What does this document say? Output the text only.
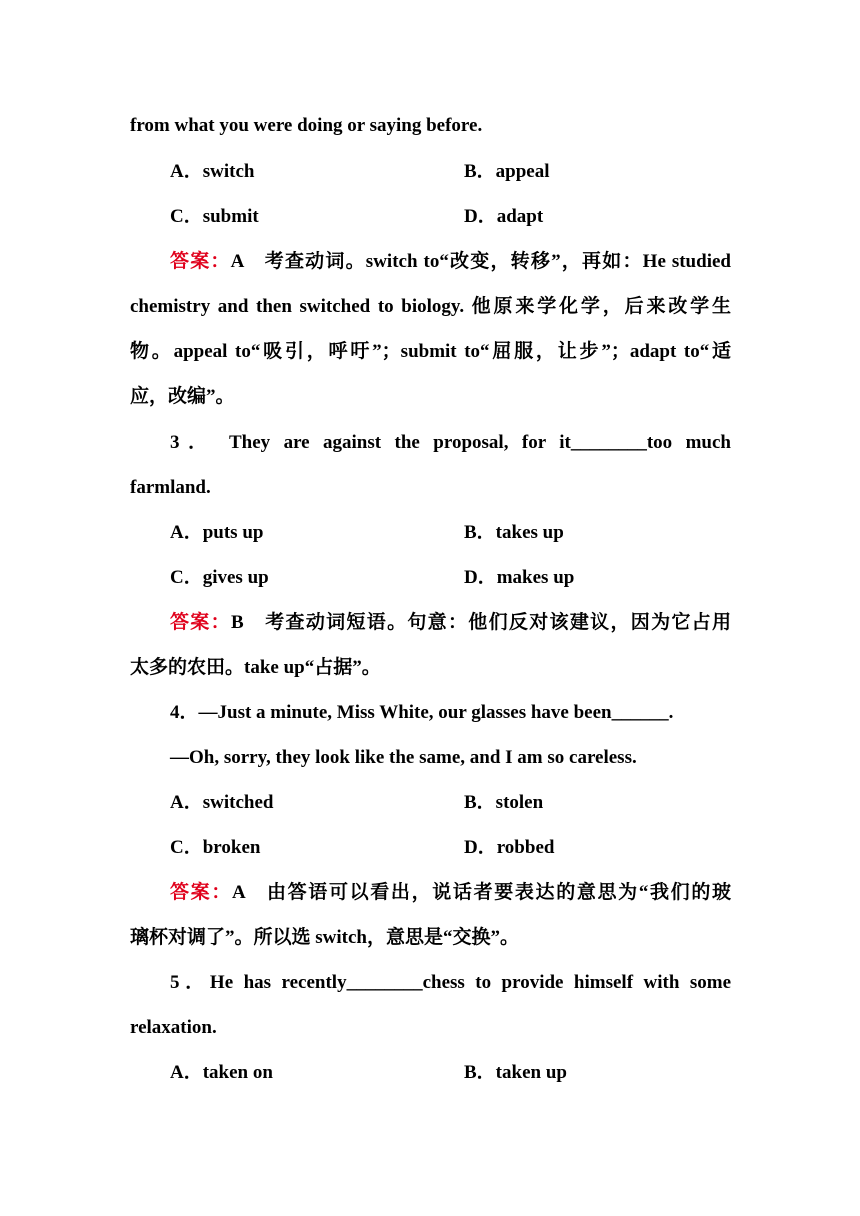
from what you were doing or saying before.
A．switch	B．appeal
C．submit	D．adapt
答案：A　考查动词。switch to“改变，转移”，再如：He studied
chemistry and then switched to biology. 他原来学化学，后来改学生
物。appeal to“吸引，呼吁”；submit to“屈服，让步”；adapt to“适
应，改编”。
3． They are against the proposal, for it________too much
farmland.
A．puts up	B．takes up
C．gives up	D．makes up
答案：B　考查动词短语。句意：他们反对该建议，因为它占用
太多的农田。take up“占据”。
4．—Just a minute, Miss White, our glasses have been______.
—Oh, sorry, they look like the same, and I am so careless.
A．switched	B．stolen
C．broken	D．robbed
答案：A　由答语可以看出，说话者要表达的意思为“我们的玻
璃杯对调了”。所以选 switch，意思是“交换”。
5．He has recently________chess to provide himself with some
relaxation.
A．taken on	B．taken up
